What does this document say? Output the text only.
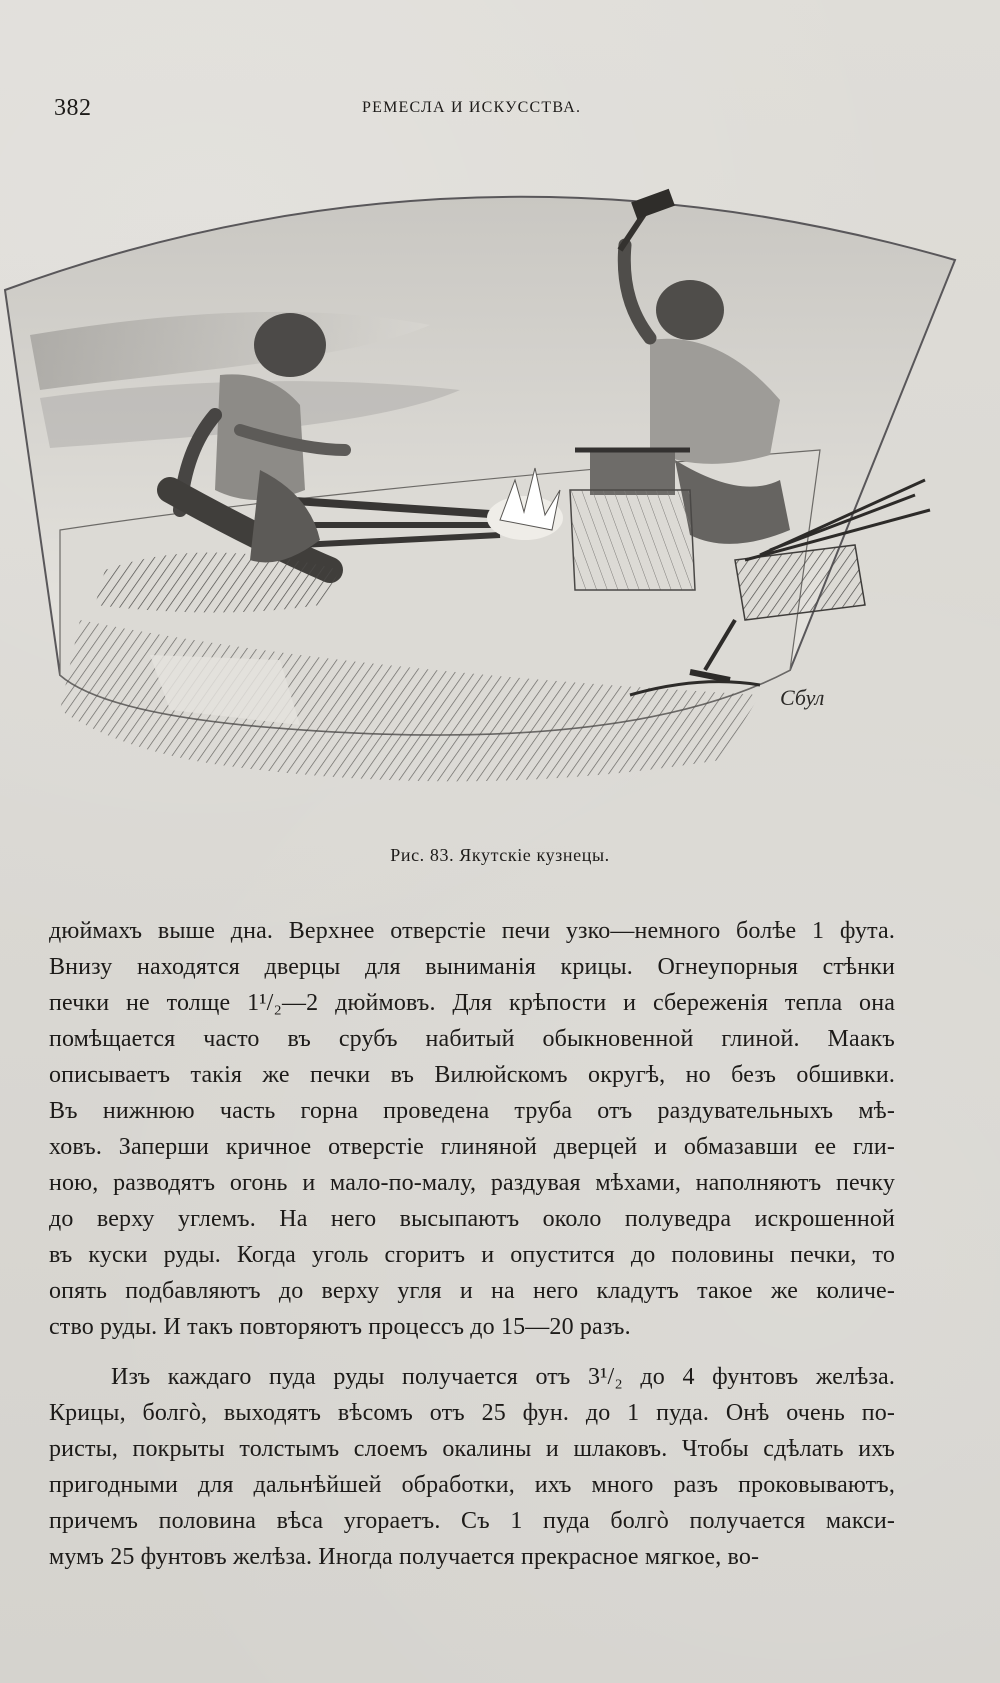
382	РЕМЕСЛА И ИСКУССТВА.
Сбул
Рис. 83. Якутскіе кузнецы.
дюймахъ выше дна. Верхнее отверстіе печи узко—немного болѣе 1 фута.
Внизу находятся дверцы для выниманія крицы. Огнеупорныя стѣнки
печки не толще 1¹/₂—2 дюймовъ. Для крѣпости и сбереженія тепла она
помѣщается часто въ срубъ набитый обыкновенной глиной. Маакъ
описываетъ такія же печки въ Вилюйскомъ округѣ, но безъ обшивки.
Въ нижнюю часть горна проведена труба отъ раздувательныхъ мѣ-
ховъ. Заперши кричное отверстіе глиняной дверцей и обмазавши ее гли-
ною, разводятъ огонь и мало-по-малу, раздувая мѣхами, наполняютъ печку
до верху углемъ. На него высыпаютъ около полуведра искрошенной
въ куски руды. Когда уголь сгоритъ и опустится до половины печки, то
опять подбавляютъ до верху угля и на него кладутъ такое же количе-
ство руды. И такъ повторяютъ процессъ до 15—20 разъ.
Изъ каждаго пуда руды получается отъ 3¹/₂ до 4 фунтовъ желѣза.
Крицы, болгò, выходятъ вѣсомъ отъ 25 фун. до 1 пуда. Онѣ очень по-
ристы, покрыты толстымъ слоемъ окалины и шлаковъ. Чтобы сдѣлать ихъ
пригодными для дальнѣйшей обработки, ихъ много разъ проковываютъ,
причемъ половина вѣса угораетъ. Съ 1 пуда болгò получается макси-
мумъ 25 фунтовъ желѣза. Иногда получается прекрасное мягкое, во-
